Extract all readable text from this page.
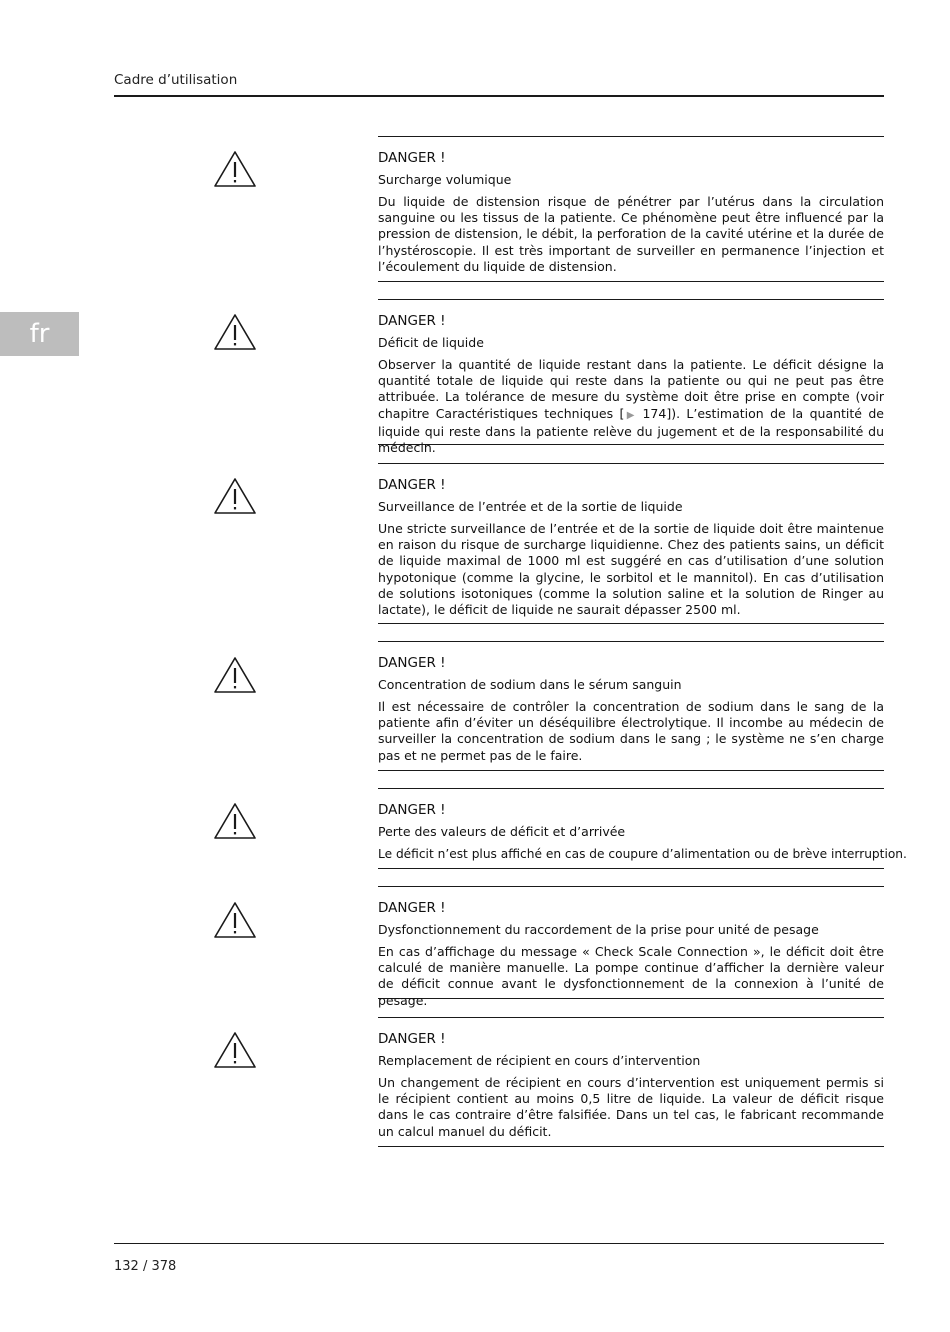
Cadre d’utilisation
fr
DANGER !
Surcharge volumique

Du liquide de distension risque de pénétrer par l’utérus dans la circulation sanguine ou les tissus de la patiente. Ce phénomène peut être influencé par la pression de distension, le débit, la perforation de la cavité utérine et la durée de l’hystéroscopie. Il est très important de surveiller en permanence l’injection et l’écoulement du liquide de distension.

DANGER !
Déficit de liquide

Observer la quantité de liquide restant dans la patiente. Le déficit désigne la quantité totale de liquide qui reste dans la patiente ou qui ne peut pas être attribuée. La tolérance de mesure du système doit être prise en compte (voir chapitre Caractéristiques techniques [▶ 174]). L’estimation de la quantité de liquide qui reste dans la patiente relève du jugement et de la responsabilité du médecin.

DANGER !
Surveillance de l’entrée et de la sortie de liquide

Une stricte surveillance de l’entrée et de la sortie de liquide doit être maintenue en raison du risque de surcharge liquidienne. Chez des patients sains, un déficit de liquide maximal de 1000 ml est suggéré en cas d’utilisation d’une solution hypotonique (comme la glycine, le sorbitol et le mannitol). En cas d’utilisation de solutions isotoniques (comme la solution saline et la solution de Ringer au lactate), le déficit de liquide ne saurait dépasser 2500 ml.

DANGER !
Concentration de sodium dans le sérum sanguin

Il est nécessaire de contrôler la concentration de sodium dans le sang de la patiente afin d’éviter un déséquilibre électrolytique. Il incombe au médecin de surveiller la concentration de sodium dans le sang ; le système ne s’en charge pas et ne permet pas de le faire.

DANGER !
Perte des valeurs de déficit et d’arrivée

Le déficit n’est plus affiché en cas de coupure d’alimentation ou de brève interruption.

DANGER !
Dysfonctionnement du raccordement de la prise pour unité de pesage

En cas d’affichage du message « Check Scale Connection », le déficit doit être calculé de manière manuelle. La pompe continue d’afficher la dernière valeur de déficit connue avant le dysfonctionnement de la connexion à l’unité de pesage.

DANGER !
Remplacement de récipient en cours d’intervention

Un changement de récipient en cours d’intervention est uniquement permis si le récipient contient au moins 0,5 litre de liquide. La valeur de déficit risque dans le cas contraire d’être falsifiée. Dans un tel cas, le fabricant recommande un calcul manuel du déficit.

132 / 378
